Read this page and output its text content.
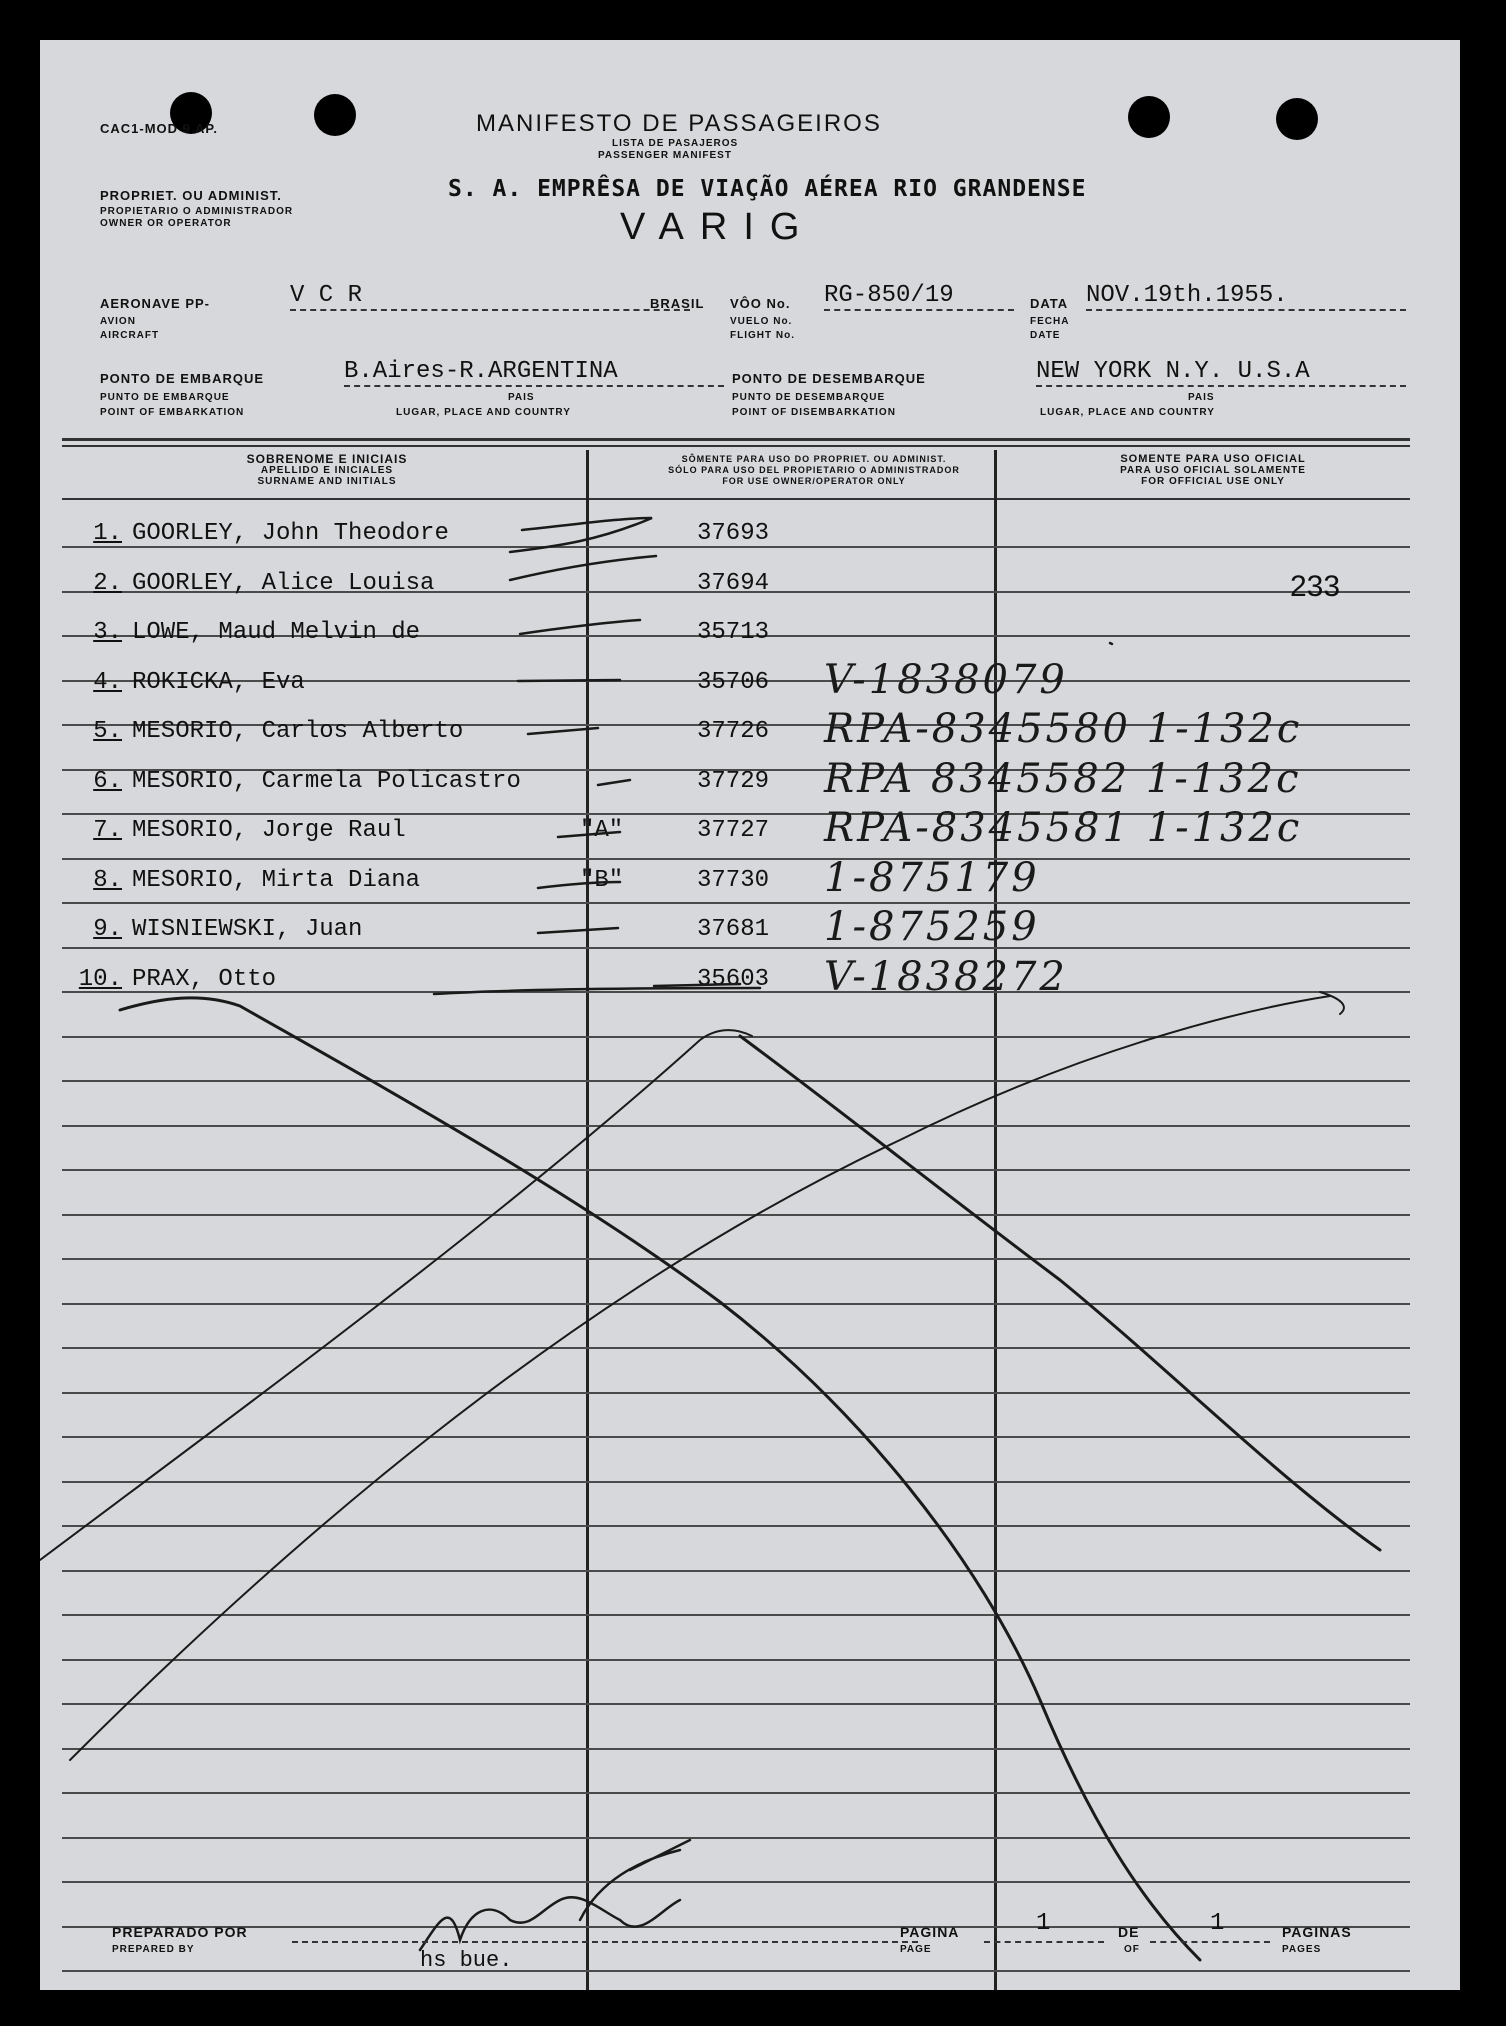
CAC1-MOD 9 AP.	MANIFESTO DE PASSAGEIROS
LISTA DE PASAJEROS
PASSENGER MANIFEST
PROPRIET. OU ADMINIST.
PROPIETARIO O ADMINISTRADOR
OWNER OR OPERATOR
S. A. EMPRÊSA DE VIAÇÃO AÉREA RIO GRANDENSE
VARIG
AERONAVE PP-
AVION
AIRCRAFT
V C R	BRASIL VÔO No.
VUELO No.
FLIGHT No.
RG-850/19	DATA
FECHA
DATE
NOV.19th.1955.
PONTO DE EMBARQUE
PUNTO DE EMBARQUE
POINT OF EMBARKATION
B.Aires-R.ARGENTINA
PAIS
LUGAR, PLACE AND COUNTRY
PONTO DE DESEMBARQUE
PUNTO DE DESEMBARQUE
POINT OF DISEMBARKATION
NEW YORK N.Y. U.S.A
PAIS
LUGAR, PLACE AND COUNTRY
SOBRENOME E INICIAIS
APELLIDO E INICIALES
SURNAME AND INITIALS
SÔMENTE PARA USO DO PROPRIET. OU ADMINIST.
SÓLO PARA USO DEL PROPIETARIO O ADMINISTRADOR
FOR USE OWNER/OPERATOR ONLY
SOMENTE PARA USO OFICIAL
PARA USO OFICIAL SOLAMENTE
FOR OFFICIAL USE ONLY
1. GOORLEY, John Theodore	37693
2. GOORLEY, Alice Louisa	37694
3. LOWE, Maud Melvin de	35713
4. ROKICKA, Eva	35706 V-1838079
5. MESORIO, Carlos Alberto	37726 RPA-8345580 1-132c
6. MESORIO, Carmela Policastro	37729 RPA 8345582 1-132c
7. MESORIO, Jorge Raul	"A"	37727 RPA-8345581 1-132c
8. MESORIO, Mirta Diana	"B"	37730 1-875179
9. WISNIEWSKI, Juan	37681 1-875259
10. PRAX, Otto	35603 V-1838272
233
PREPARADO POR
PREPARED BY	hs bue.
PAGINA
PAGE
1	DE
OF
1	PAGINAS
PAGES
